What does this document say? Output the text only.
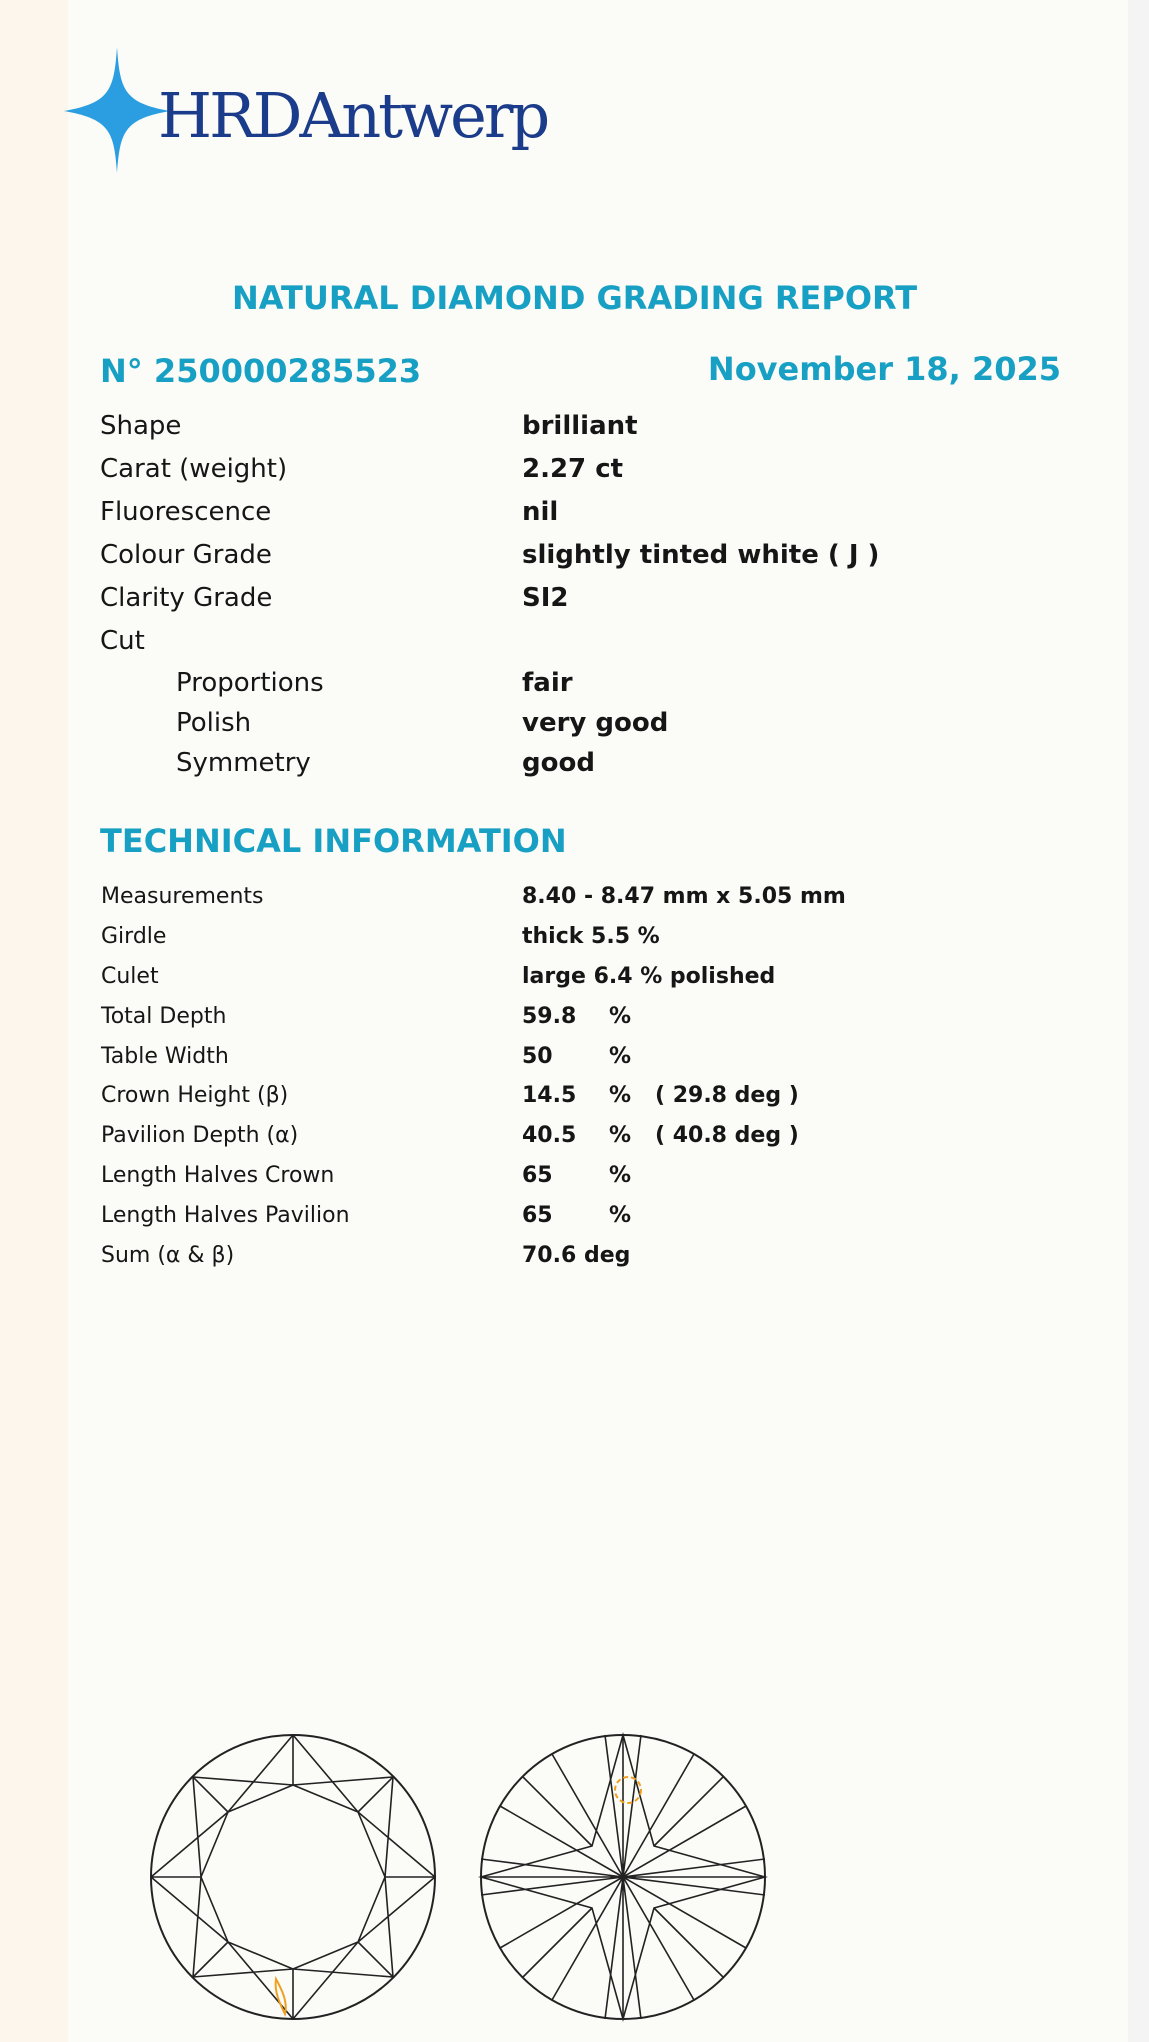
HRDAntwerp
NATURAL DIAMOND GRADING REPORT
N° 250000285523	November 18, 2025
Shape	brilliant
Carat (weight)	2.27 ct
Fluorescence	nil
Colour Grade	slightly tinted white ( J )
Clarity Grade	SI2
Cut
Proportions	fair
Polish	very good
Symmetry	good
TECHNICAL INFORMATION
Measurements	8.40 - 8.47 mm x 5.05 mm
Girdle	thick 5.5 %
Culet	large 6.4 % polished
Total Depth	59.8 %
Table Width	50	%
Crown Height (β)	14.5 % ( 29.8 deg )
Pavilion Depth (α)	40.5 % ( 40.8 deg )
Length Halves Crown	65	%
Length Halves Pavilion	65	%
Sum (α & β)	70.6 deg
